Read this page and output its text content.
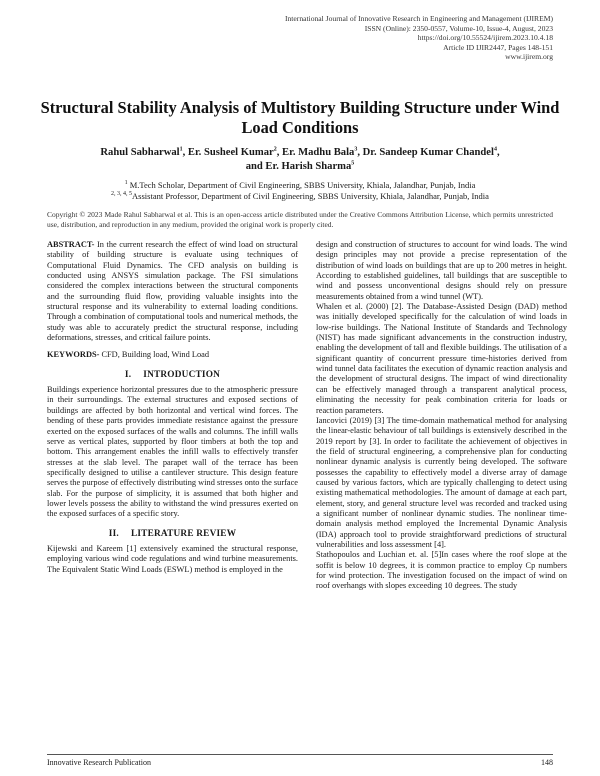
International Journal of Innovative Research in Engineering and Management (IJIREM)
ISSN (Online): 2350-0557, Volume-10, Issue-4, August, 2023
https://doi.org/10.55524/ijirem.2023.10.4.18
Article ID IJIR2447, Pages 148-151
www.ijirem.org
Structural Stability Analysis of Multistory Building Structure under Wind Load Conditions
Rahul Sabharwal$^1$, Er. Susheel Kumar$^2$, Er. Madhu Bala$^3$, Dr. Sandeep Kumar Chandel$^4$,
and Er. Harish Sharma$^5$
$^1$ M.Tech Scholar, Department of Civil Engineering, SBBS University, Khiala, Jalandhar, Punjab, India
$^{2, 3, 4, 5}$Assistant Professor, Department of Civil Engineering, SBBS University, Khiala, Jalandhar, Punjab, India
Copyright © 2023 Made Rahul Sabharwal et al. This is an open-access article distributed under the Creative Commons Attribution License, which permits unrestricted use, distribution, and reproduction in any medium, provided the original work is properly cited.

ABSTRACT- In the current research the effect of wind load on structural stability of building structure is evaluate using techniques of Computational Fluid Dynamics. The CFD analysis on building is conducted using ANSYS simulation package. The FSI simulations considered the complex interactions between the structural components and the surrounding fluid flow, providing valuable insights into the structural response and its vulnerability to external loading conditions. Through a combination of computational tools and numerical methods, the study was able to accurately predict the structural response, including deformations, stresses, and critical failure points.

KEYWORDS- CFD, Building load, Wind Load

I. INTRODUCTION

Buildings experience horizontal pressures due to the atmospheric pressure in their surroundings. The external structures and exposed sections of buildings are affected by both horizontal and vertical wind forces. The bending of these parts provides immediate resistance against the pressure exerted on the exposed surfaces of the walls and columns. The infill walls serve as vertical plates, supported by floor timbers at both the top and bottom. This arrangement enables the infill walls to effectively transfer stresses at the slab level. The parapet wall of the terrace has been specifically designed to utilise a cantilever structure. This design feature serves the purpose of effectively distributing wind stresses onto the surface slab. For the purpose of simplicity, it is assumed that both higher and lower levels possess the ability to withstand the wind pressures exerted on the exposed surfaces of a specific story.

II. LITERATURE REVIEW

Kijewski and Kareem [1] extensively examined the structural response, employing various wind code regulations and wind turbine measurements. The Equivalent Static Wind Loads (ESWL) method is employed in the

design and construction of structures to account for wind loads. The wind design principles may not provide a precise representation of the distribution of wind loads on buildings that are up to 200 metres in height. According to established guidelines, tall buildings that are susceptible to wind and possess unconventional designs should rely on pressure measurements obtained from a wind tunnel (WT).

Whalen et al. (2000) [2]. The Database-Assisted Design (DAD) method was initially developed specifically for the calculation of wind loads in low-rise buildings. The National Institute of Standards and Technology (NIST) has made significant advancements in the construction industry, enabling the development of tall and flexible buildings. The utilisation of a significant quantity of concurrent pressure time-histories derived from wind tunnel data facilitates the execution of dynamic reaction analysis and the development of structural designs. The impact of wind directionality can be effectively managed through a transparent analytical process, eliminating the necessity for peak combination criteria for loads or reaction parameters.

Iancovici (2019) [3] The time-domain mathematical method for analysing the linear-elastic behaviour of tall buildings is extensively described in the 2019 report by [3]. In order to facilitate the achievement of objectives in the field of structural engineering, a comprehensive plan for conducting nonlinear dynamic analysis is currently being developed. The software possesses the capability to effectively model a diverse array of damage caused by various factors, which are typically challenging to detect using existing mathematical methodologies. The amount of damage at each part, element, story, and general structure level was recorded and tracked using a significant number of nonlinear dynamic studies. The nonlinear time-domain analysis method employed the Incremental Dynamic Analysis (IDA) approach tool to provide straightforward predictions of structural vulnerabilities and loss assessment [4].

Stathopoulos and Luchian et. al. [5]In cases where the roof slope at the soffit is below 10 degrees, it is common practice to employ Cp numbers for wind protection. The investigation focused on the impact of wind on roof overhangs with slopes exceeding 10 degrees. The study

Innovative Research Publication	148
